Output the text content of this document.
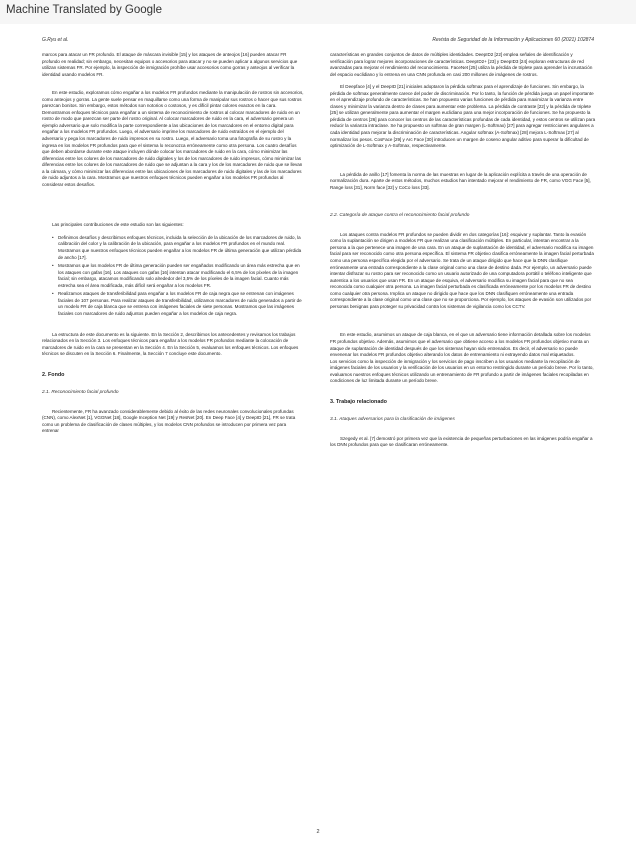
Machine Translated by Google
G.Ryu et al.	Revista de Seguridad de la Información y Aplicaciones 60 (2021) 102874

marcos para atacar un FR profundo. El ataque de máscara invisible [15] y los ataques de anteojos [16] pueden atacar FR profundo en realidad; sin embargo, necesitan equipos o accesorios para atacar y no se pueden aplicar a algunos servicios que utilizan sistemas FR. Por ejemplo, la inspección de inmigración prohíbe usar accesorios como gorras y anteojos al verificar la identidad usando modelos FR.

En este estudio, exploramos cómo engañar a los modelos FR profundos mediante la manipulación de rostros sin accesorios, como anteojos y gorras. La gente suele pensar en maquillarse como una forma de manipular sus rostros o hacer que sus rostros parezcan bonitos. Sin embargo, estos métodos son notorios o costosos, y es difícil pintar colores exactos en la cara. Demostramos enfoques técnicos para engañar a un sistema de reconocimiento de rostros al colocar marcadores de ruido en un rostro de modo que parezcan ser parte del rostro original. Al colocar marcadores de ruido en la cara, el adversario genera un ejemplo adversario que solo modifica la parte correspondiente a las ubicaciones de los marcadores en el entorno digital para engañar a los modelos FR profundos. Luego, el adversario imprime los marcadores de ruido extraídos en el ejemplo del adversario y pega los marcadores de ruido impresos en su rostro. Luego, el adversario toma una fotografía de su rostro y la ingresa en los modelos FR profundos para que el sistema lo reconozca erróneamente como otra persona. Los cuatro desafíos que deben abordarse durante este ataque incluyen dónde colocar los marcadores de ruido en la cara, cómo minimizar las diferencias entre los colores de los marcadores de ruido digitales y los de los marcadores de ruido impresos, cómo minimizar las diferencias entre los colores de los marcadores de ruido que se adjuntan a la cara y los de los marcadores de ruido que se llevan a la cámara, y cómo minimizar las diferencias entre las ubicaciones de los marcadores de ruido digitales y las de los marcadores de ruido adjuntos a la cara. Mostramos que nuestros enfoques técnicos pueden engañar a los modelos FR profundos al considerar estos desafíos.

Las principales contribuciones de este estudio son las siguientes:

• Definimos desafíos y describimos enfoques técnicos, incluida la selección de la ubicación de los marcadores de ruido, la calibración del color y la calibración de la ubicación, para engañar a los modelos FR profundos en el mundo real. Mostramos que nuestros enfoques técnicos pueden engañar a los modelos FR de última generación que utilizan pérdida de ancho [17].
• Mostramos que los modelos FR de última generación pueden ser engañados modificando un área más estrecha que en los ataques con gafas [16]. Los ataques con gafas [16] intentan atacar modificando el 6,5% de los píxeles de la imagen facial; sin embargo, atacamos modificando solo alrededor del 3,5% de los píxeles de la imagen facial. Cuanto más estrecha sea el área modificada, más difícil será engañar a los modelos FR.
• Realizamos ataques de transferibilidad para engañar a los modelos FR de caja negra que se entrenan con imágenes faciales de 107 personas. Para realizar ataques de transferibilidad, utilizamos marcadores de ruido generados a partir de un modelo FR de caja blanca que se entrena con imágenes faciales de siete personas. Mostramos que las imágenes faciales con marcadores de ruido adjuntos pueden engañar a los modelos de caja negra.

La estructura de este documento es la siguiente. En la Sección 2, describimos los antecedentes y revisamos los trabajos relacionados en la Sección 3. Los enfoques técnicos para engañar a los modelos FR profundos mediante la colocación de marcadores de ruido en la cara se presentan en la Sección 4. En la Sección 5, evaluamos los enfoques técnicos. Los enfoques técnicos se discuten en la Sección 6. Finalmente, la Sección 7 concluye este documento.

2. Fondo
2.1. Reconocimiento facial profundo

Recientemente, FR ha avanzado considerablemente debido al éxito de las redes neuronales convolucionales profundas (CNN), como AlexNet [1], VGGNet [18], Google Inception Net [19] y ResNet [20]. En Deep Face [4] y DeepID [21], FR se trata como un problema de clasificación de clases múltiples, y los modelos CNN profundos se introducen por primera vez para entrenar

características en grandes conjuntos de datos de múltiples identidades. DeepID2 [22] emplea señales de identificación y verificación para lograr mejores incorporaciones de características. DeepID2+ [23] y DeepID3 [24] exploran estructuras de red avanzadas para mejorar el rendimiento del reconocimiento. FaceNet [25] utiliza la pérdida de triplete para aprender la incrustación del espacio euclidiano y lo entrena en una CNN profunda en casi 200 millones de imágenes de rostros.

El Deepface [4] y el DeepID [21] iniciales adoptaron la pérdida softmax para el aprendizaje de funciones. Sin embargo, la pérdida de softmax generalmente carece del poder de discriminación. Por lo tanto, la función de pérdida juega un papel importante en el aprendizaje profundo de características. Se han propuesto varias funciones de pérdida para maximizar la varianza entre clases y minimizar la varianza dentro de clases para aumentar este problema. La pérdida de contraste [22] y la pérdida de triplete [25] se utilizan generalmente para aumentar el margen euclidiano para una mejor incorporación de funciones. Se ha propuesto la pérdida de centros [26] para conocer los centros de las características profundas de cada identidad, y estos centros se utilizan para reducir la varianza intraclase. Se ha propuesto un softmax de gran margen (L-Softmax) [27] para agregar restricciones angulares a cada identidad para mejorar la discriminación de características. Angular softmax (A-Softmax) [28] mejora L-Softmax [27] al normalizar los pesos. CosFace [29] y Arc Face [30] introducen un margen de coseno angular aditivo para superar la dificultad de optimización de L-Softmax y A-Softmax, respectivamente.

La pérdida de anillo [17] fomenta la norma de las muestras en lugar de la aplicación explícita a través de una operación de normalización dura. Aparte de estos métodos, muchos estudios han intentado mejorar el rendimiento de FR, como VGG Face [5], Range loss [31], Norm face [32] y CoCo loss [33].

2.2. Categoría de ataque contra el reconocimiento facial profundo

Los ataques contra modelos FR profundos se pueden dividir en dos categorías [16]: esquivar y suplantar. Tanto la evasión como la suplantación se dirigen a modelos FR que realizan una clasificación múltiples. En particular, intentan encontrar a la persona a la que pertenece una imagen de una cara. En un ataque de suplantación de identidad, el adversario modifica su imagen facial para ser reconocido como otra persona específica. El sistema FR objetivo clasifica erróneamente la imagen facial perturbada como una persona específica elegida por el adversario. Se trata de un ataque dirigido que hace que la DNN clasifique erróneamente una entrada correspondiente a la clase original como una clase de destino dada. Por ejemplo, un adversario puede intentar disfrazar su rostro para ser reconocido como un usuario autorizado de una computadora portátil o teléfono inteligente que autentica a los usuarios que usan FR. En un ataque de esquiva, el adversario modifica su imagen facial para que no sea reconocida como cualquier otra persona. La imagen facial perturbada es clasificada erróneamente por los modelos FR de destino como cualquier otra persona. Implica un ataque no dirigido que hace que los DNN clasifiquen erróneamente una entrada correspondiente a la clase original como una clase que no se proporciona. Por ejemplo, los ataques de evasión son utilizados por personas benignas para proteger su privacidad contra los sistemas de vigilancia como los CCTV.

En este estudio, asumimos un ataque de caja blanca, en el que un adversario tiene información detallada sobre los modelos FR profundos objetivo. Además, asumimos que el adversario que obtiene acceso a los modelos FR profundos objetivo monta un ataque de suplantación de identidad después de que los sistemas hayan sido entrenados. Es decir, el adversario no puede envenenar los modelos FR profundos objetivo alterando los datos de entrenamiento ni extrayendo datos mal etiquetados.

Los servicios como la inspección de inmigración y los servicios de pago inscriben a los usuarios mediante la recopilación de imágenes faciales de los usuarios y la verificación de los usuarios en un entorno restringido durante un período breve. Por lo tanto, evaluamos nuestros enfoques técnicos utilizando un entrenamiento de FR profundo a partir de imágenes faciales recopiladas en condiciones de luz limitada durante un período breve.

3. Trabajo relacionado
3.1. Ataques adversarios para la clasificación de imágenes

Szegedy et al. [7] demostró por primera vez que la existencia de pequeñas perturbaciones en las imágenes podría engañar a los DNN profundos para que se clasificaran erróneamente.

2
